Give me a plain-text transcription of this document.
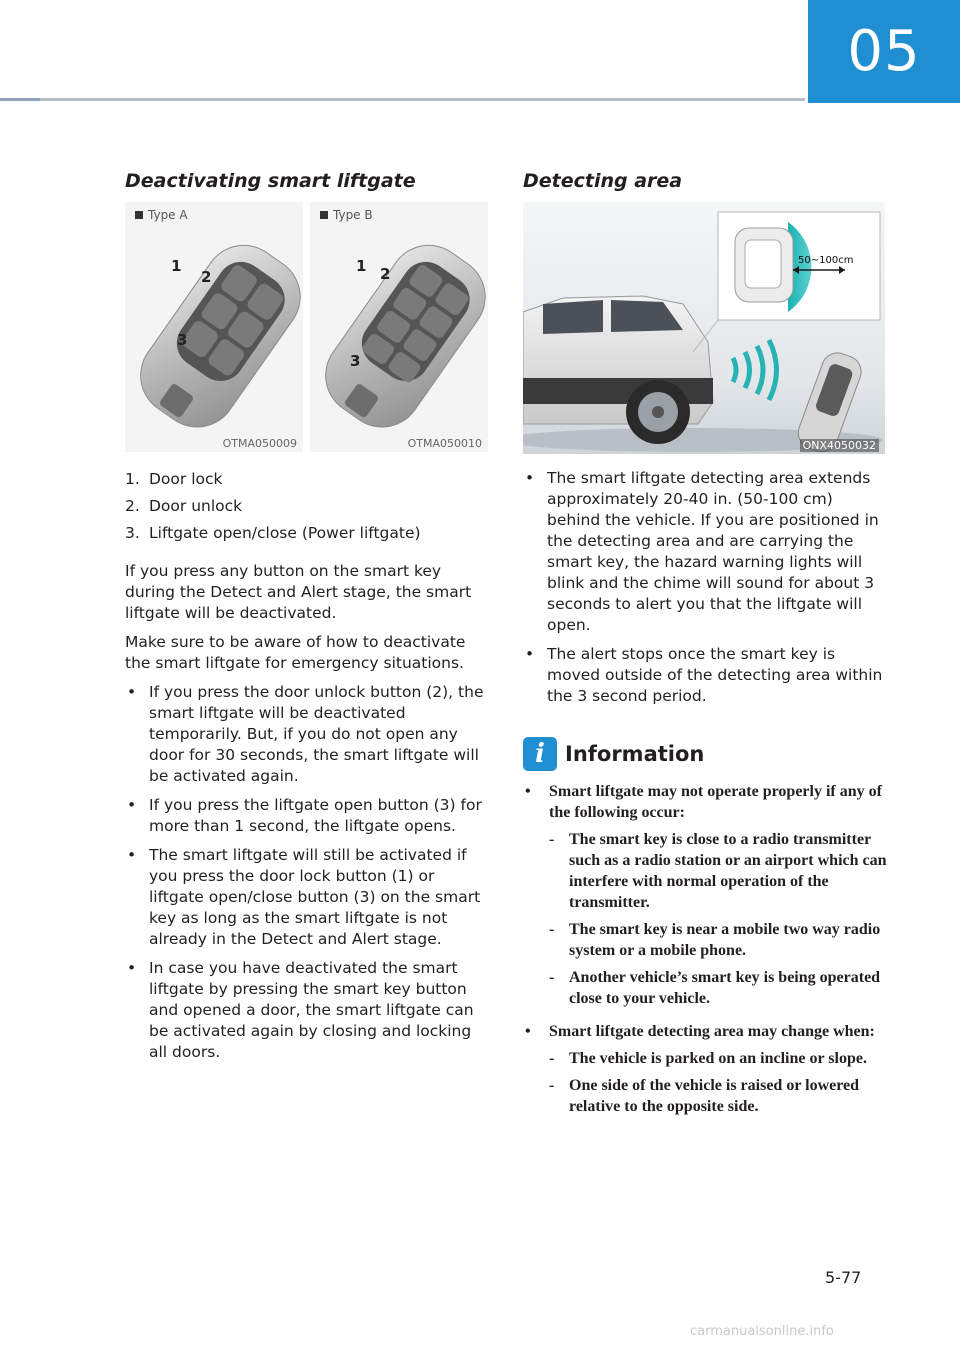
05
Deactivating smart liftgate
1
2
3
Type A
OTMA050009
1 2
3
Type B
OTMA050010
1. Door lock
2. Door unlock
3. Liftgate open/close (Power liftgate)

If you press any button on the smart key during the Detect and Alert stage, the smart liftgate will be deactivated.

Make sure to be aware of how to deactivate the smart liftgate for emergency situations.

• If you press the door unlock button (2), the smart liftgate will be deactivated temporarily. But, if you do not open any door for 30 seconds, the smart liftgate will be activated again.
• If you press the liftgate open button (3) for more than 1 second, the liftgate opens.
• The smart liftgate will still be activated if you press the door lock button (1) or liftgate open/close button (3) on the smart key as long as the smart liftgate is not already in the Detect and Alert stage.
• In case you have deactivated the smart liftgate by pressing the smart key button and opened a door, the smart liftgate can be activated again by closing and locking all doors.
Detecting area
50~100cm
ONX4050032
• The smart liftgate detecting area extends approximately 20-40 in. (50-100 cm) behind the vehicle. If you are positioned in the detecting area and are carrying the smart key, the hazard warning lights will blink and the chime will sound for about 3 seconds to alert you that the liftgate will open.
• The alert stops once the smart key is moved outside of the detecting area within the 3 second period.
i Information
•	Smart liftgate may not operate properly if any of the following occur:
- The smart key is close to a radio transmitter such as a radio station or an airport which can interfere with normal operation of the transmitter.
- The smart key is near a mobile two way radio system or a mobile phone.
- Another vehicle’s smart key is being operated close to your vehicle.
•	Smart liftgate detecting area may change when:
- The vehicle is parked on an incline or slope.
- One side of the vehicle is raised or lowered relative to the opposite side.
5-77
carmanualsonline.info
